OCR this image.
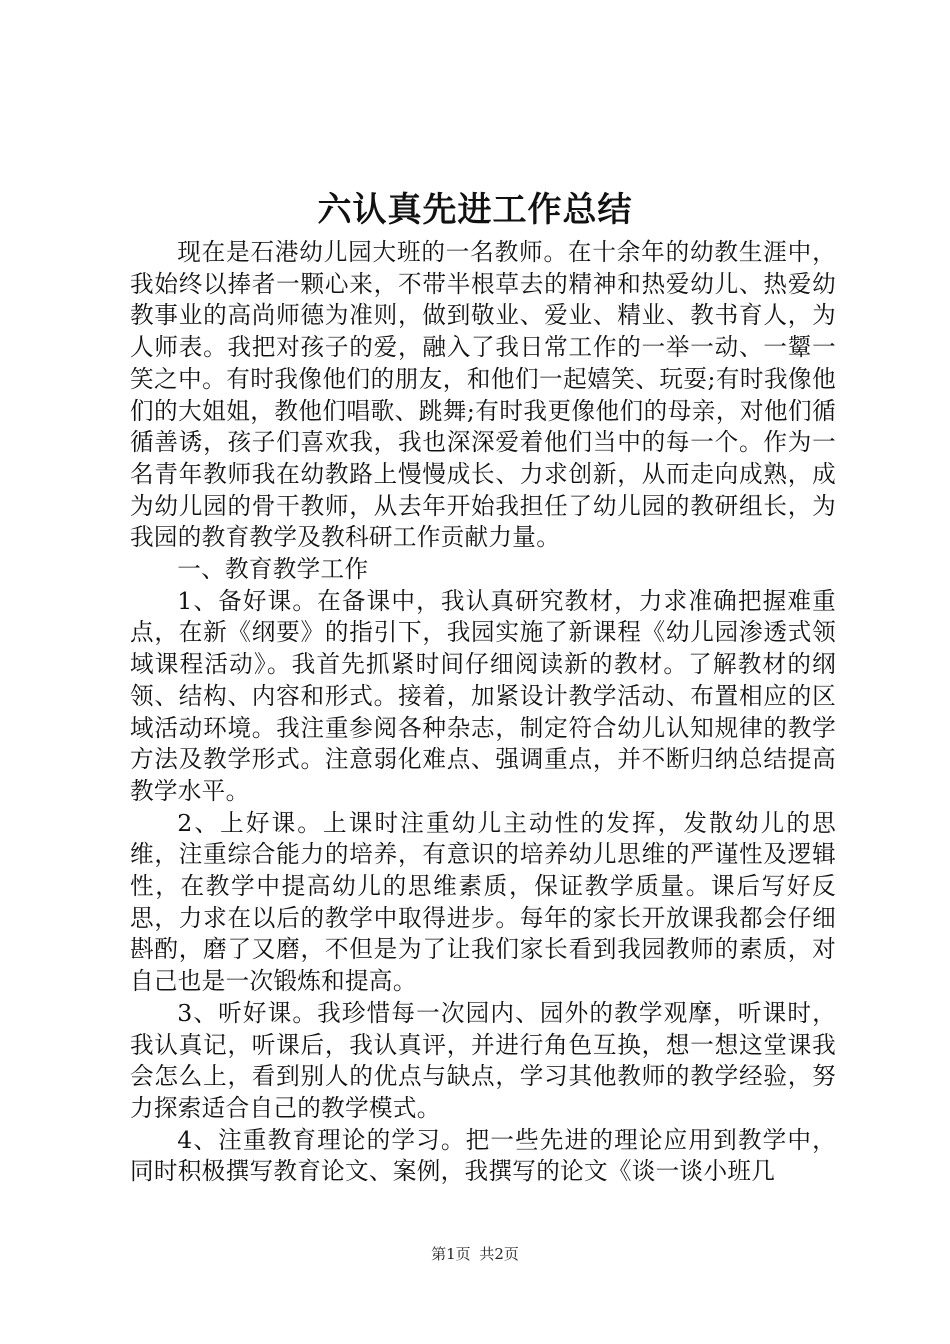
六认真先进工作总结

现在是石港幼儿园大班的一名教师。在十余年的幼教生涯中，我始终以捧者一颗心来，不带半根草去的精神和热爱幼儿、热爱幼教事业的高尚师德为准则，做到敬业、爱业、精业、教书育人，为人师表。我把对孩子的爱，融入了我日常工作的一举一动、一颦一笑之中。有时我像他们的朋友，和他们一起嬉笑、玩耍;有时我像他们的大姐姐，教他们唱歌、跳舞;有时我更像他们的母亲，对他们循循善诱，孩子们喜欢我，我也深深爱着他们当中的每一个。作为一名青年教师我在幼教路上慢慢成长、力求创新，从而走向成熟，成为幼儿园的骨干教师，从去年开始我担任了幼儿园的教研组长，为我园的教育教学及教科研工作贡献力量。

一、教育教学工作

1、备好课。在备课中，我认真研究教材，力求准确把握难重点，在新《纲要》的指引下，我园实施了新课程《幼儿园渗透式领域课程活动》。我首先抓紧时间仔细阅读新的教材。了解教材的纲领、结构、内容和形式。接着，加紧设计教学活动、布置相应的区域活动环境。我注重参阅各种杂志，制定符合幼儿认知规律的教学方法及教学形式。注意弱化难点、强调重点，并不断归纳总结提高教学水平。

2、上好课。上课时注重幼儿主动性的发挥，发散幼儿的思维，注重综合能力的培养，有意识的培养幼儿思维的严谨性及逻辑性，在教学中提高幼儿的思维素质，保证教学质量。课后写好反思，力求在以后的教学中取得进步。每年的家长开放课我都会仔细斟酌，磨了又磨，不但是为了让我们家长看到我园教师的素质，对自己也是一次锻炼和提高。

3、听好课。我珍惜每一次园内、园外的教学观摩，听课时，我认真记，听课后，我认真评，并进行角色互换，想一想这堂课我会怎么上，看到别人的优点与缺点，学习其他教师的教学经验，努力探索适合自己的教学模式。

4、注重教育理论的学习。把一些先进的理论应用到教学中，同时积极撰写教育论文、案例，我撰写的论文《谈一谈小班几

第1页 共2页
